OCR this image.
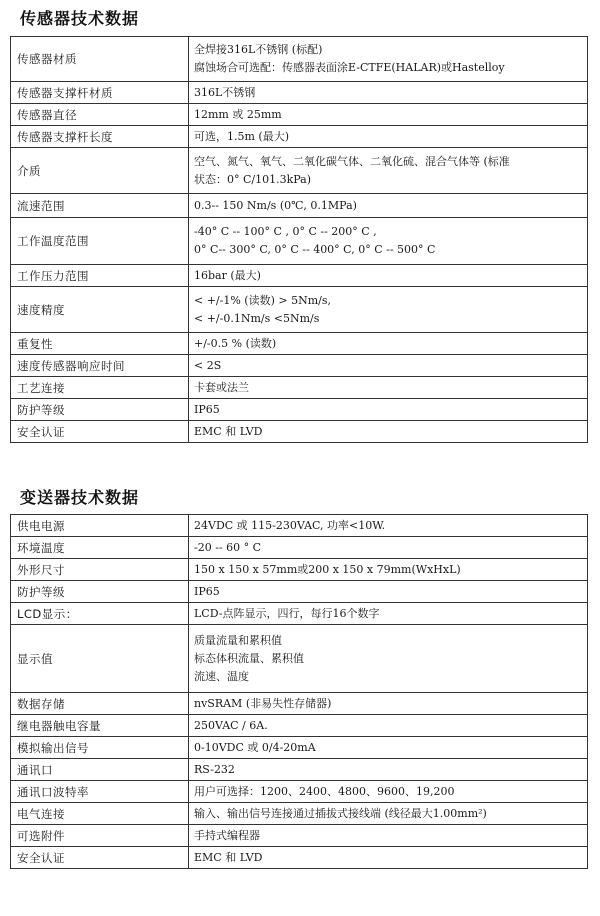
传感器技术数据
传感器材质	全焊接316L不锈钢 (标配)
腐蚀场合可选配：传感器表面涂E-CTFE(HALAR)或Hastelloy

传感器支撑杆材质	316L不锈钢

传感器直径	12mm 或 25mm

传感器支撑杆长度	可选，1.5m (最大)

介质	空气、氮气、氧气、二氧化碳气体、二氧化硫、混合气体等 (标准
状态：0° C/101.3kPa)

流速范围	0.3-- 150 Nm/s (0℃, 0.1MPa)

工作温度范围	-40° C -- 100° C , 0° C -- 200° C ,
0° C-- 300° C, 0° C -- 400° C, 0° C -- 500° C

工作压力范围	16bar (最大)

速度精度	< +/-1% (读数) > 5Nm/s,
< +/-0.1Nm/s <5Nm/s

重复性	+/-0.5 % (读数)

速度传感器响应时间	< 2S

工艺连接	卡套或法兰

防护等级	IP65

安全认证	EMC 和 LVD
变送器技术数据
供电电源	24VDC 或 115-230VAC, 功率<10W.

环境温度	-20 -- 60 ° C

外形尺寸	150 x 150 x 57mm或200 x 150 x 79mm(WxHxL)

防护等级	IP65

LCD显示：	LCD-点阵显示，四行，每行16个数字

显示值	质量流量和累积值
标态体积流量、累积值
流速、温度

数据存储	nvSRAM (非易失性存储器)

继电器触电容量	250VAC / 6A.

模拟输出信号	0-10VDC 或 0/4-20mA

通讯口	RS-232

通讯口波特率	用户可选择：1200、2400、4800、9600、19,200

电气连接	输入、输出信号连接通过插拔式接线端 (线径最大1.00mm²)

可选附件	手持式编程器

安全认证	EMC 和 LVD
